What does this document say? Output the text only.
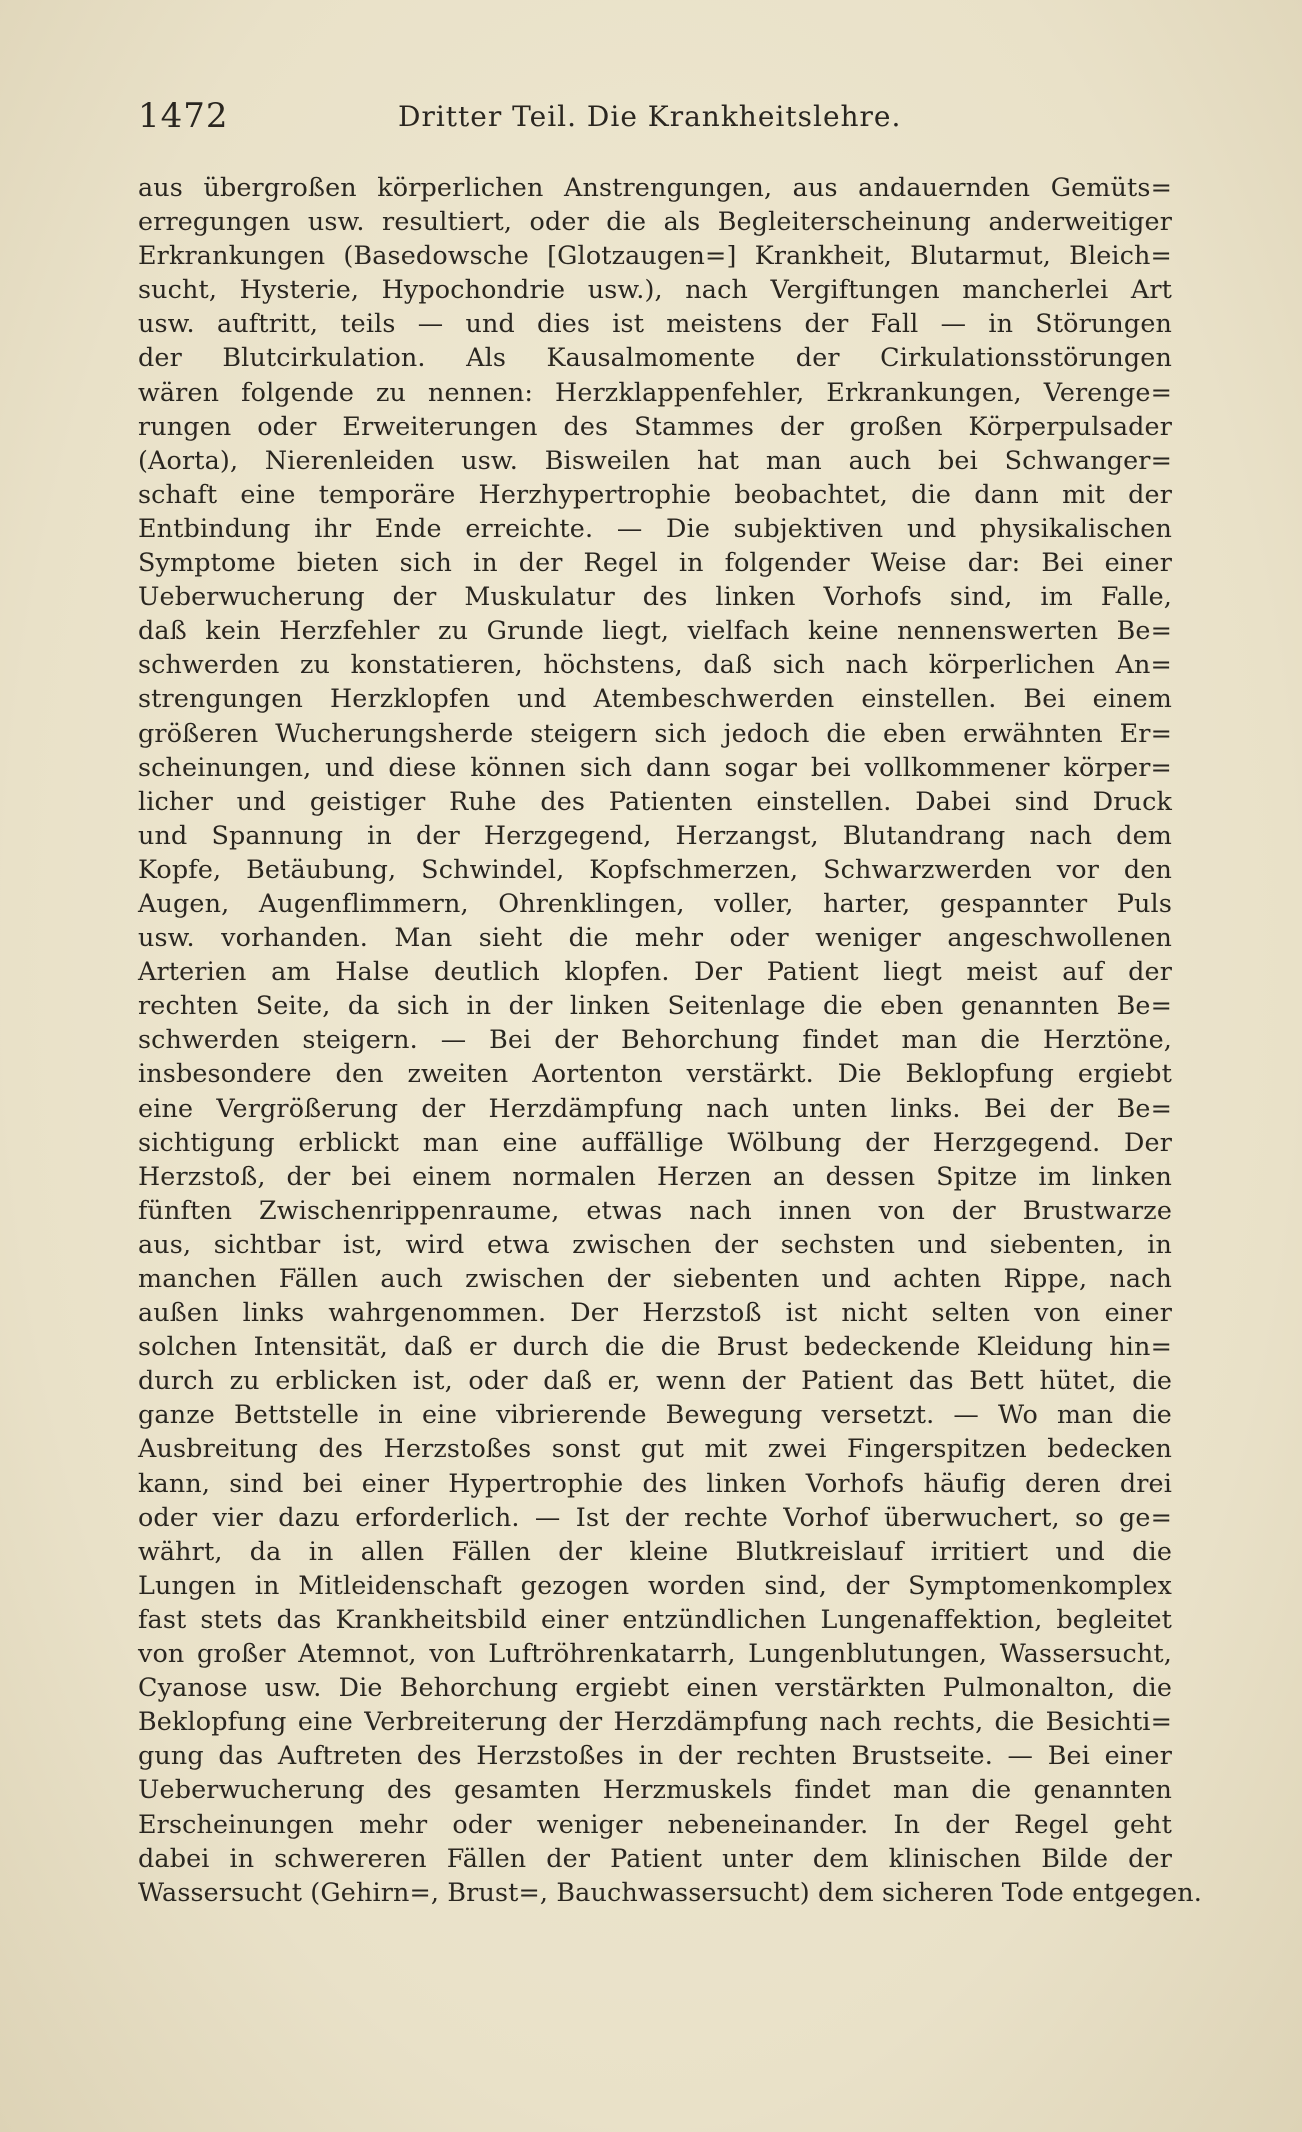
1472	Dritter Teil. Die Krankheitslehre.
aus übergroßen körperlichen Anstrengungen, aus andauernden Gemüts=
erregungen usw. resultiert, oder die als Begleiterscheinung anderweitiger
Erkrankungen (Basedowsche [Glotzaugen=] Krankheit, Blutarmut, Bleich=
sucht, Hysterie, Hypochondrie usw.), nach Vergiftungen mancherlei Art
usw. auftritt, teils — und dies ist meistens der Fall — in Störungen
der Blutcirkulation. Als Kausalmomente der Cirkulationsstörungen
wären folgende zu nennen: Herzklappenfehler, Erkrankungen, Verenge=
rungen oder Erweiterungen des Stammes der großen Körperpulsader
(Aorta), Nierenleiden usw. Bisweilen hat man auch bei Schwanger=
schaft eine temporäre Herzhypertrophie beobachtet, die dann mit der
Entbindung ihr Ende erreichte. — Die subjektiven und physikalischen
Symptome bieten sich in der Regel in folgender Weise dar: Bei einer
Ueberwucherung der Muskulatur des linken Vorhofs sind, im Falle,
daß kein Herzfehler zu Grunde liegt, vielfach keine nennenswerten Be=
schwerden zu konstatieren, höchstens, daß sich nach körperlichen An=
strengungen Herzklopfen und Atembeschwerden einstellen. Bei einem
größeren Wucherungsherde steigern sich jedoch die eben erwähnten Er=
scheinungen, und diese können sich dann sogar bei vollkommener körper=
licher und geistiger Ruhe des Patienten einstellen. Dabei sind Druck
und Spannung in der Herzgegend, Herzangst, Blutandrang nach dem
Kopfe, Betäubung, Schwindel, Kopfschmerzen, Schwarzwerden vor den
Augen, Augenflimmern, Ohrenklingen, voller, harter, gespannter Puls
usw. vorhanden. Man sieht die mehr oder weniger angeschwollenen
Arterien am Halse deutlich klopfen. Der Patient liegt meist auf der
rechten Seite, da sich in der linken Seitenlage die eben genannten Be=
schwerden steigern. — Bei der Behorchung findet man die Herztöne,
insbesondere den zweiten Aortenton verstärkt. Die Beklopfung ergiebt
eine Vergrößerung der Herzdämpfung nach unten links. Bei der Be=
sichtigung erblickt man eine auffällige Wölbung der Herzgegend. Der
Herzstoß, der bei einem normalen Herzen an dessen Spitze im linken
fünften Zwischenrippenraume, etwas nach innen von der Brustwarze
aus, sichtbar ist, wird etwa zwischen der sechsten und siebenten, in
manchen Fällen auch zwischen der siebenten und achten Rippe, nach
außen links wahrgenommen. Der Herzstoß ist nicht selten von einer
solchen Intensität, daß er durch die die Brust bedeckende Kleidung hin=
durch zu erblicken ist, oder daß er, wenn der Patient das Bett hütet, die
ganze Bettstelle in eine vibrierende Bewegung versetzt. — Wo man die
Ausbreitung des Herzstoßes sonst gut mit zwei Fingerspitzen bedecken
kann, sind bei einer Hypertrophie des linken Vorhofs häufig deren drei
oder vier dazu erforderlich. — Ist der rechte Vorhof überwuchert, so ge=
währt, da in allen Fällen der kleine Blutkreislauf irritiert und die
Lungen in Mitleidenschaft gezogen worden sind, der Symptomenkomplex
fast stets das Krankheitsbild einer entzündlichen Lungenaffektion, begleitet
von großer Atemnot, von Luftröhrenkatarrh, Lungenblutungen, Wassersucht,
Cyanose usw. Die Behorchung ergiebt einen verstärkten Pulmonalton, die
Beklopfung eine Verbreiterung der Herzdämpfung nach rechts, die Besichti=
gung das Auftreten des Herzstoßes in der rechten Brustseite. — Bei einer
Ueberwucherung des gesamten Herzmuskels findet man die genannten
Erscheinungen mehr oder weniger nebeneinander. In der Regel geht
dabei in schwereren Fällen der Patient unter dem klinischen Bilde der
Wassersucht (Gehirn=, Brust=, Bauchwassersucht) dem sicheren Tode entgegen.
